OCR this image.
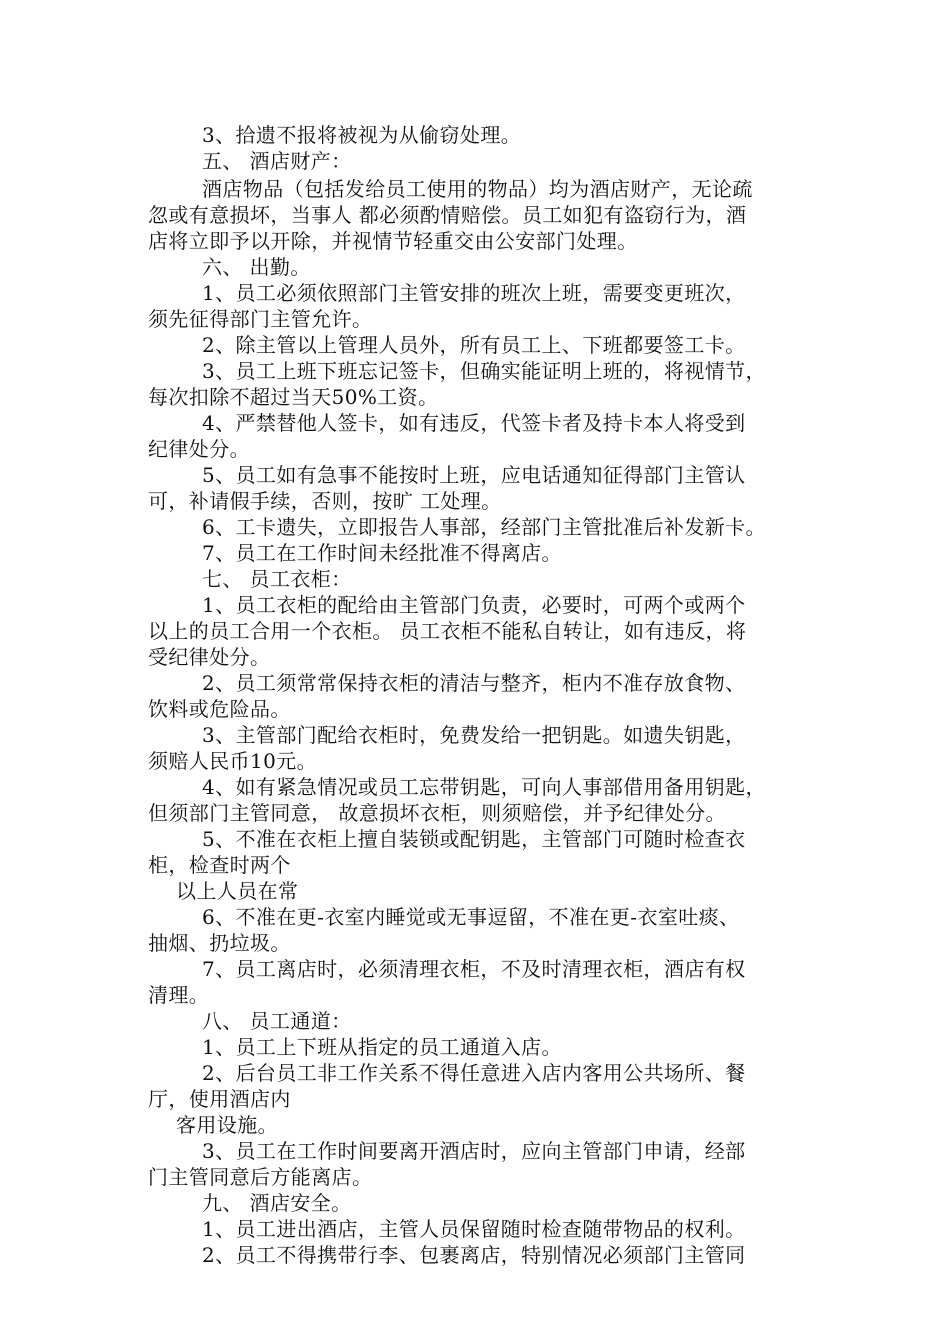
3、拾遗不报将被视为从偷窃处理。
五、 酒店财产：
酒店物品（包括发给员工使用的物品）均为酒店财产，无论疏
忽或有意损坏，当事人 都必须酌情赔偿。员工如犯有盗窃行为，酒
店将立即予以开除，并视情节轻重交由公安部门处理。
六、 出勤。
1、员工必须依照部门主管安排的班次上班，需要变更班次，
须先征得部门主管允许。
2、除主管以上管理人员外，所有员工上、下班都要签工卡。
3、员工上班下班忘记签卡，但确实能证明上班的，将视情节，
每次扣除不超过当天50%工资。
4、严禁替他人签卡，如有违反，代签卡者及持卡本人将受到
纪律处分。
5、员工如有急事不能按时上班，应电话通知征得部门主管认
可，补请假手续，否则，按旷 工处理。
6、工卡遗失，立即报告人事部，经部门主管批准后补发新卡。
7、员工在工作时间未经批准不得离店。
七、 员工衣柜：
1、员工衣柜的配给由主管部门负责，必要时，可两个或两个
以上的员工合用一个衣柜。 员工衣柜不能私自转让，如有违反，将
受纪律处分。
2、员工须常常保持衣柜的清洁与整齐，柜内不准存放食物、
饮料或危险品。
3、主管部门配给衣柜时，免费发给一把钥匙。如遗失钥匙，
须赔人民币10元。
4、如有紧急情况或员工忘带钥匙，可向人事部借用备用钥匙，
但须部门主管同意， 故意损坏衣柜，则须赔偿，并予纪律处分。
5、不准在衣柜上擅自装锁或配钥匙，主管部门可随时检查衣
柜，检查时两个
以上人员在常
6、不准在更-衣室内睡觉或无事逗留，不准在更-衣室吐痰、
抽烟、扔垃圾。
7、员工离店时，必须清理衣柜，不及时清理衣柜，酒店有权
清理。
八、 员工通道：
1、员工上下班从指定的员工通道入店。
2、后台员工非工作关系不得任意进入店内客用公共场所、餐
厅，使用酒店内
客用设施。
3、员工在工作时间要离开酒店时，应向主管部门申请，经部
门主管同意后方能离店。
九、 酒店安全。
1、员工进出酒店，主管人员保留随时检查随带物品的权利。
2、员工不得携带行李、包裹离店，特别情况必须部门主管同
